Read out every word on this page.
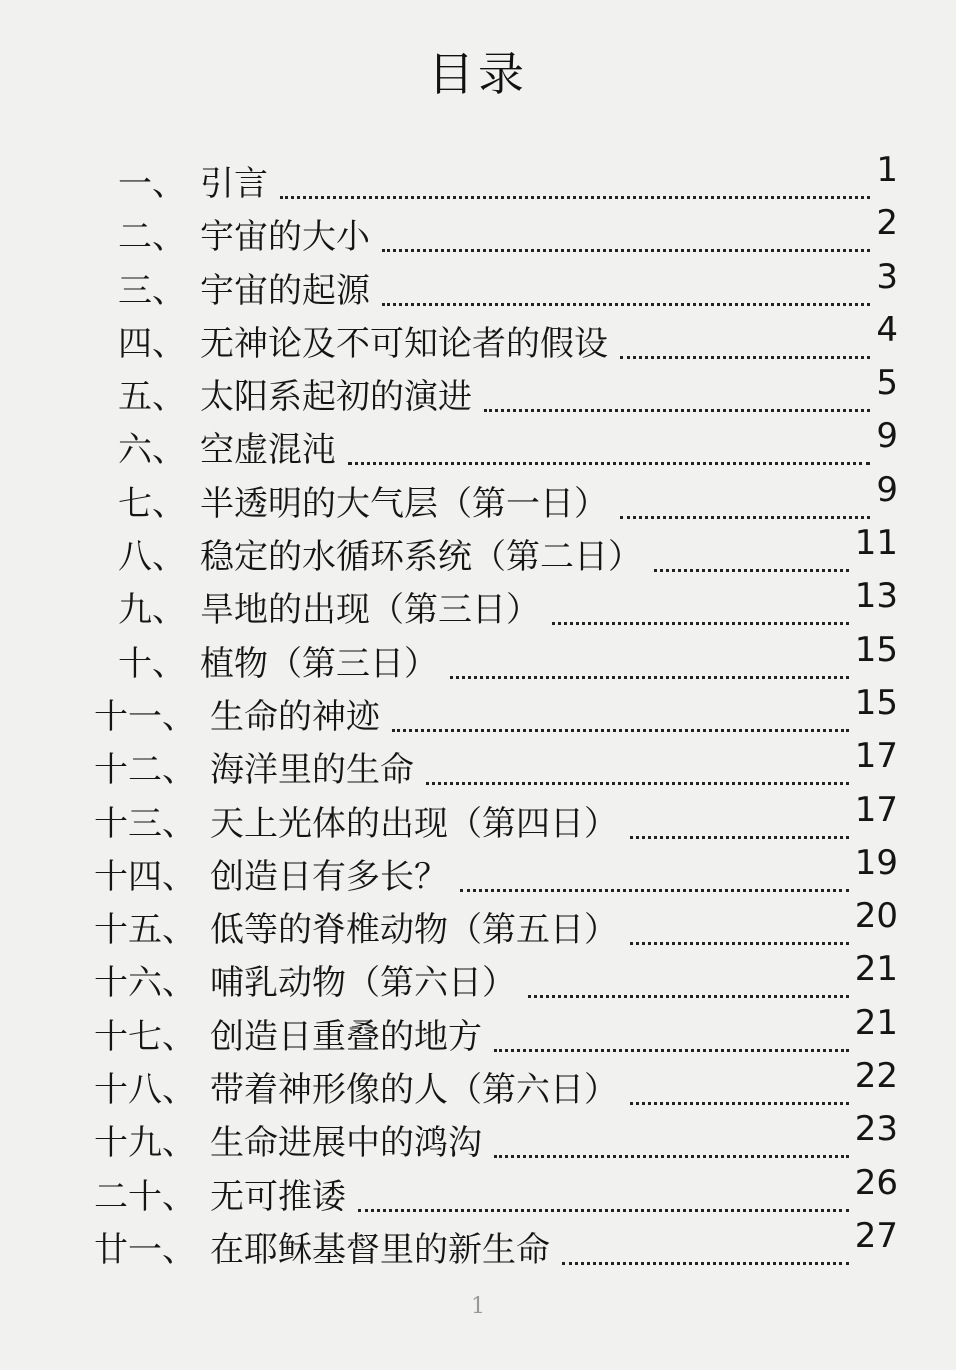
目录
一、 引言	1
二、 宇宙的大小	2
三、 宇宙的起源	3
四、 无神论及不可知论者的假设	4
五、 太阳系起初的演进	5
六、 空虚混沌	9
七、 半透明的大气层（第一日）	9
八、 稳定的水循环系统（第二日）	11
九、 旱地的出现（第三日）	13
十、 植物（第三日）	15
十一、 生命的神迹	15
十二、 海洋里的生命	17
十三、 天上光体的出现（第四日）	17
十四、 创造日有多长？	19
十五、 低等的脊椎动物（第五日）	20
十六、 哺乳动物（第六日）	21
十七、 创造日重叠的地方	21
十八、 带着神形像的人（第六日）	22
十九、 生命进展中的鸿沟	23
二十、 无可推诿	26
廿一、 在耶稣基督里的新生命	27
1
